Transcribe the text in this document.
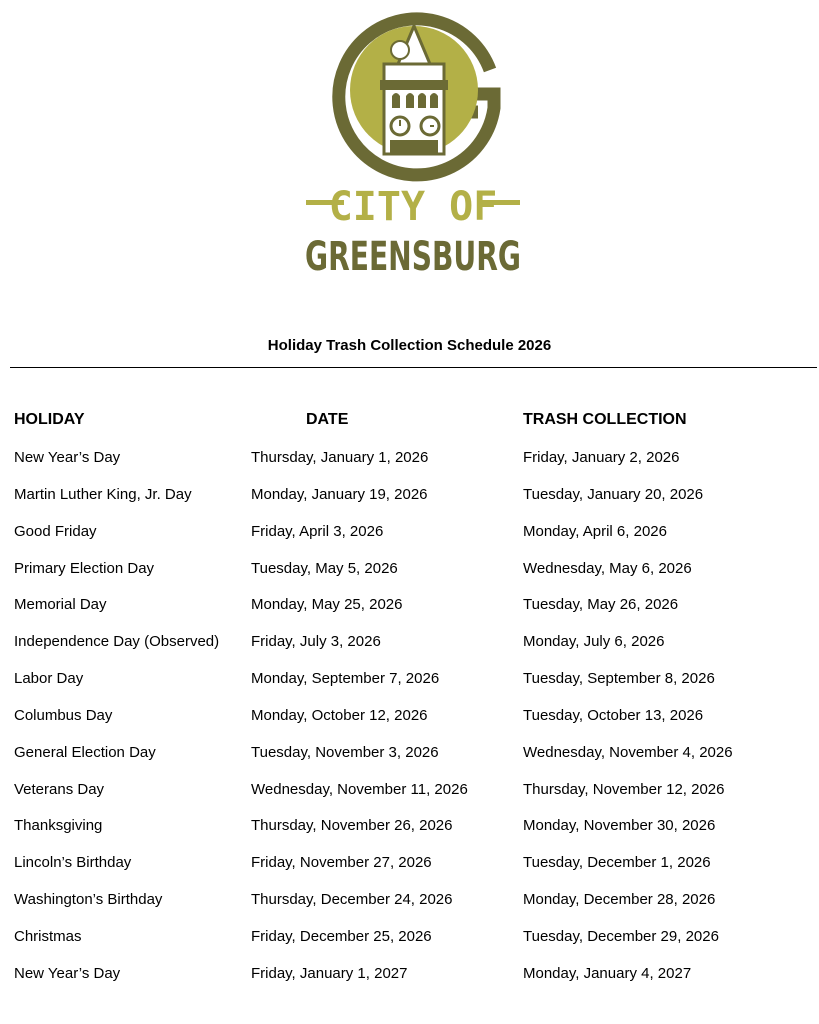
CITY OF
GREENSBURG
Holiday Trash Collection Schedule 2026
HOLIDAY	DATE	TRASH COLLECTION
New Year’s Day	Thursday, January 1, 2026	Friday, January 2, 2026
Martin Luther King, Jr. Day	Monday, January 19, 2026	Tuesday, January 20, 2026
Good Friday	Friday, April 3, 2026	Monday, April 6, 2026
Primary Election Day	Tuesday, May 5, 2026	Wednesday, May 6, 2026
Memorial Day	Monday, May 25, 2026	Tuesday, May 26, 2026
Independence Day (Observed) Friday, July 3, 2026	Monday, July 6, 2026
Labor Day	Monday, September 7, 2026	Tuesday, September 8, 2026
Columbus Day	Monday, October 12, 2026	Tuesday, October 13, 2026
General Election Day	Tuesday, November 3, 2026	Wednesday, November 4, 2026
Veterans Day	Wednesday, November 11, 2026	Thursday, November 12, 2026
Thanksgiving	Thursday, November 26, 2026	Monday, November 30, 2026
Lincoln’s Birthday	Friday, November 27, 2026	Tuesday, December 1, 2026
Washington’s Birthday	Thursday, December 24, 2026	Monday, December 28, 2026
Christmas	Friday, December 25, 2026	Tuesday, December 29, 2026
New Year’s Day	Friday, January 1, 2027	Monday, January 4, 2027
